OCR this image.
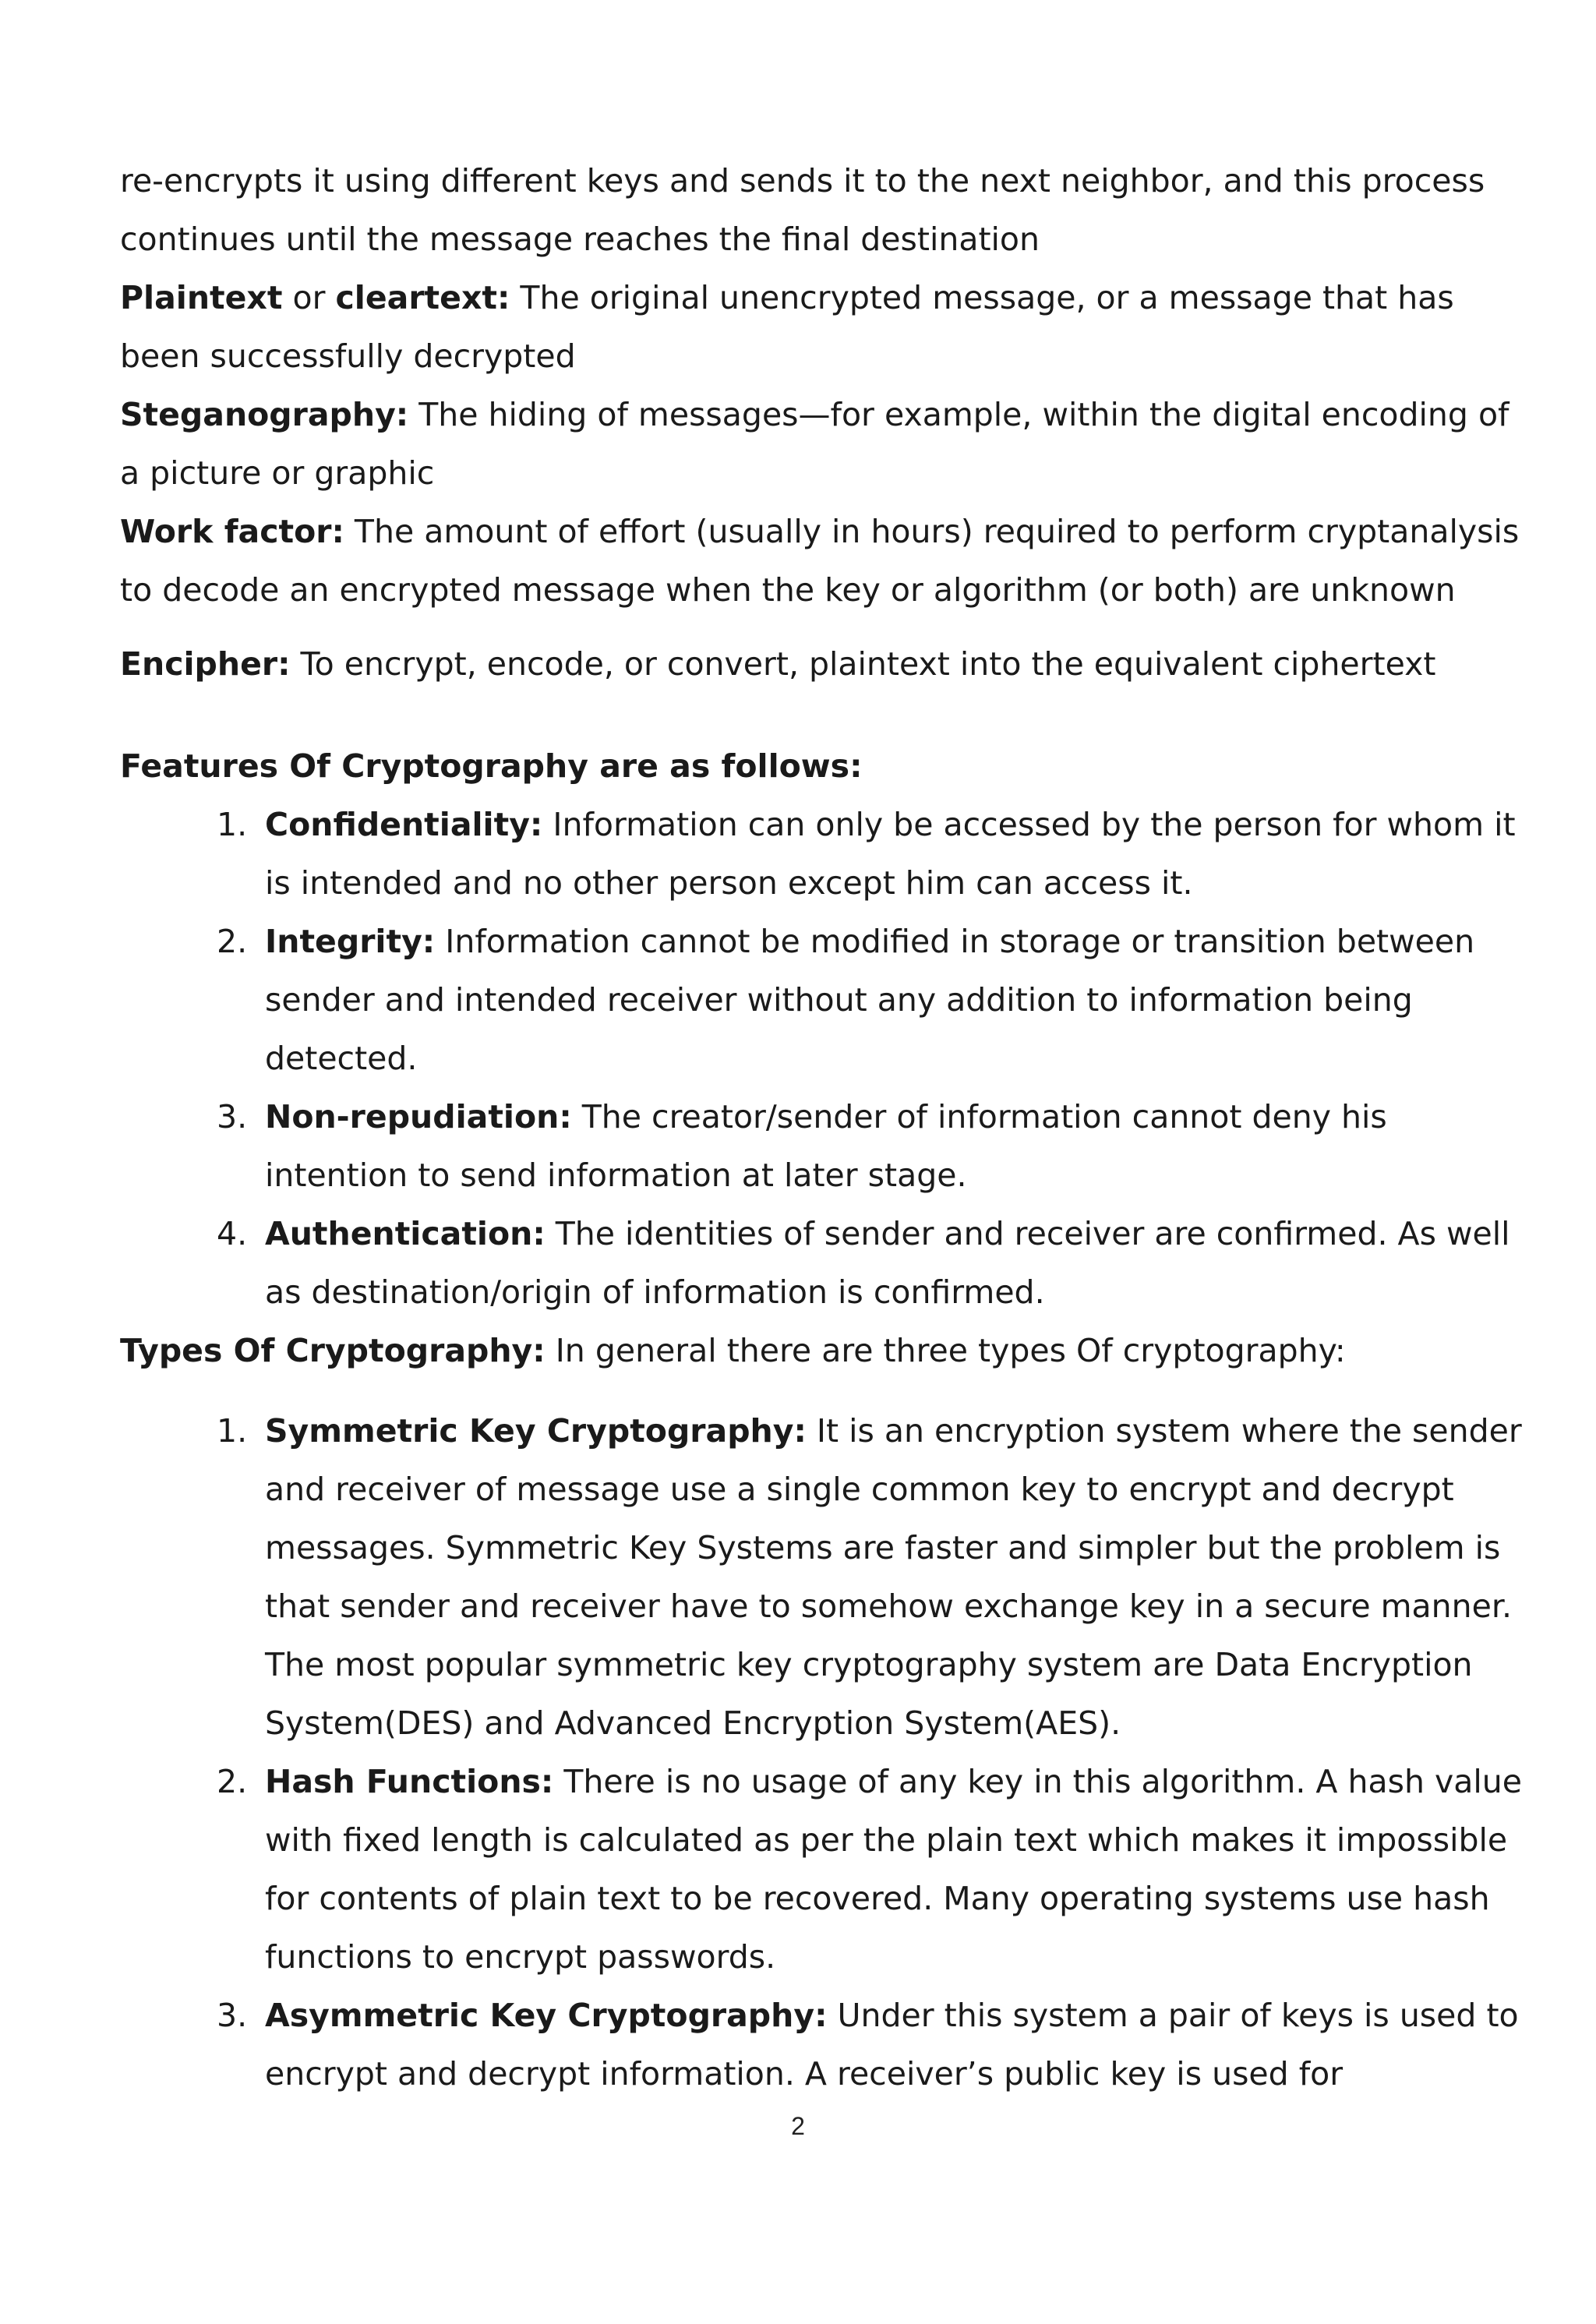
re-encrypts it using different keys and sends it to the next neighbor, and this process continues until the message reaches the final destination

Plaintext or cleartext: The original unencrypted message, or a message that has been successfully decrypted

Steganography: The hiding of messages—for example, within the digital encoding of a picture or graphic

Work factor: The amount of effort (usually in hours) required to perform cryptanalysis to decode an encrypted message when the key or algorithm (or both) are unknown

Encipher: To encrypt, encode, or convert, plaintext into the equivalent ciphertext

Features Of Cryptography are as follows:

1. Confidentiality: Information can only be accessed by the person for whom it is intended and no other person except him can access it.
2. Integrity: Information cannot be modified in storage or transition between sender and intended receiver without any addition to information being detected.
3. Non-repudiation: The creator/sender of information cannot deny his intention to send information at later stage.
4. Authentication: The identities of sender and receiver are confirmed. As well as destination/origin of information is confirmed.

Types Of Cryptography: In general there are three types Of cryptography:

1. Symmetric Key Cryptography: It is an encryption system where the sender and receiver of message use a single common key to encrypt and decrypt messages. Symmetric Key Systems are faster and simpler but the problem is that sender and receiver have to somehow exchange key in a secure manner. The most popular symmetric key cryptography system are Data Encryption System(DES) and Advanced Encryption System(AES).
2. Hash Functions: There is no usage of any key in this algorithm. A hash value with fixed length is calculated as per the plain text which makes it impossible for contents of plain text to be recovered. Many operating systems use hash functions to encrypt passwords.
3. Asymmetric Key Cryptography: Under this system a pair of keys is used to encrypt and decrypt information. A receiver’s public key is used for
2
